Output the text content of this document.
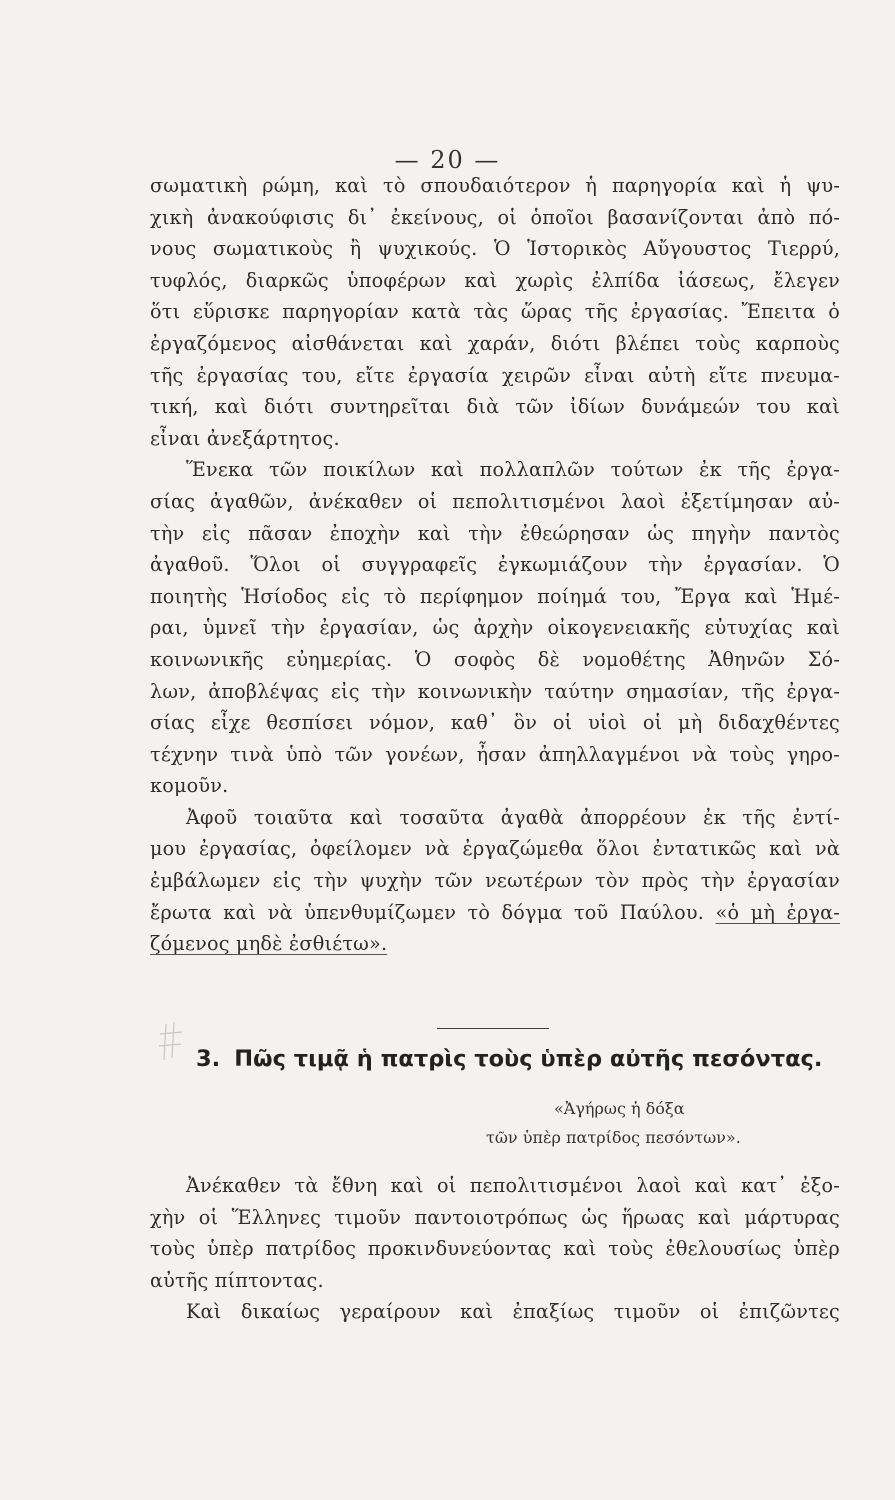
— 20 —

σωματικὴ ρώμη, καὶ τὸ σπουδαιότερον ἡ παρηγορία καὶ ἡ ψυ-
χικὴ ἀνακούφισις δι᾽ ἐκείνους, οἱ ὁποῖοι βασανίζονται ἀπὸ πό-
νους σωματικοὺς ἢ ψυχικούς. Ὁ Ἱστορικὸς Αὔγουστος Τιερρύ,
τυφλός, διαρκῶς ὑποφέρων καὶ χωρὶς ἐλπίδα ἰάσεως, ἔλεγεν
ὅτι εὕρισκε παρηγορίαν κατὰ τὰς ὥρας τῆς ἐργασίας. Ἔπειτα ὁ
ἐργαζόμενος αἰσθάνεται καὶ χαράν, διότι βλέπει τοὺς καρποὺς
τῆς ἐργασίας του, εἴτε ἐργασία χειρῶν εἶναι αὐτὴ εἴτε πνευμα-
τική, καὶ διότι συντηρεῖται διὰ τῶν ἰδίων δυνάμεών του καὶ
εἶναι ἀνεξάρτητος.

Ἕνεκα τῶν ποικίλων καὶ πολλαπλῶν τούτων ἐκ τῆς ἐργα-
σίας ἀγαθῶν, ἀνέκαθεν οἱ πεπολιτισμένοι λαοὶ ἐξετίμησαν αὐ-
τὴν εἰς πᾶσαν ἐποχὴν καὶ τὴν ἐθεώρησαν ὡς πηγὴν παντὸς
ἀγαθοῦ. Ὅλοι οἱ συγγραφεῖς ἐγκωμιάζουν τὴν ἐργασίαν. Ὁ
ποιητὴς Ἡσίοδος εἰς τὸ περίφημον ποίημά του, Ἔργα καὶ Ἡμέ-
ραι, ὑμνεῖ τὴν ἐργασίαν, ὡς ἀρχὴν οἰκογενειακῆς εὐτυχίας καὶ
κοινωνικῆς εὐημερίας. Ὁ σοφὸς δὲ νομοθέτης Ἀθηνῶν Σό-
λων, ἀποβλέψας εἰς τὴν κοινωνικὴν ταύτην σημασίαν, τῆς ἐργα-
σίας εἶχε θεσπίσει νόμον, καθ᾽ ὃν οἱ υἱοὶ οἱ μὴ διδαχθέντες
τέχνην τινὰ ὑπὸ τῶν γονέων, ἦσαν ἀπηλλαγμένοι νὰ τοὺς γηρο-
κομοῦν.

Ἀφοῦ τοιαῦτα καὶ τοσαῦτα ἀγαθὰ ἀπορρέουν ἐκ τῆς ἐντί-
μου ἐργασίας, ὀφείλομεν νὰ ἐργαζώμεθα ὅλοι ἐντατικῶς καὶ νὰ
ἐμβάλωμεν εἰς τὴν ψυχὴν τῶν νεωτέρων τὸν πρὸς τὴν ἐργασίαν
ἔρωτα καὶ νὰ ὑπενθυμίζωμεν τὸ δόγμα τοῦ Παύλου. «ὁ μὴ ἐργα-
ζόμενος μηδὲ ἐσθιέτω».

3. Πῶς τιμᾷ ἡ πατρὶς τοὺς ὑπὲρ αὐτῆς πεσόντας.
«Ἀγήρως ἡ δόξα
τῶν ὑπὲρ πατρίδος πεσόντων».

Ἀνέκαθεν τὰ ἔθνη καὶ οἱ πεπολιτισμένοι λαοὶ καὶ κατ᾽ ἐξο-
χὴν οἱ Ἕλληνες τιμοῦν παντοιοτρόπως ὡς ἥρωας καὶ μάρτυρας
τοὺς ὑπὲρ πατρίδος προκινδυνεύοντας καὶ τοὺς ἐθελουσίως ὑπὲρ
αὐτῆς πίπτοντας.

Καὶ δικαίως γεραίρουν καὶ ἐπαξίως τιμοῦν οἱ ἐπιζῶντες
